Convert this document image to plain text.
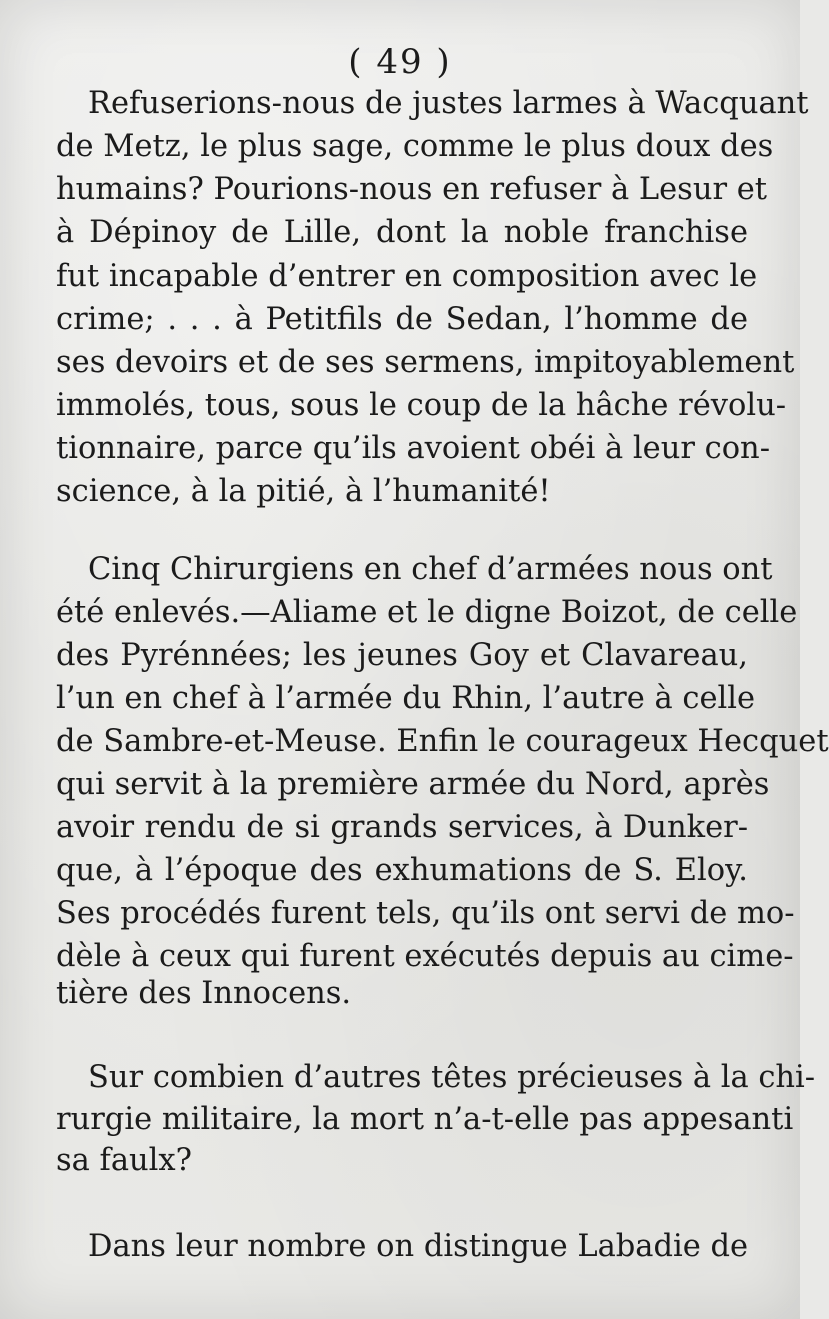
( 49 )
Refuserions-nous de justes larmes à Wacquant
de Metz, le plus sage, comme le plus doux des
humains? Pourions-nous en refuser à Lesur et
à Dépinoy de Lille, dont la noble franchise
fut incapable d’entrer en composition avec le
crime; . . . à Petitfils de Sedan, l’homme de
ses devoirs et de ses sermens, impitoyablement
immolés, tous, sous le coup de la hâche révolu-
tionnaire, parce qu’ils avoient obéi à leur con-
science, à la pitié, à l’humanité!
Cinq Chirurgiens en chef d’armées nous ont
été enlevés.—Aliame et le digne Boizot, de celle
des Pyrénnées; les jeunes Goy et Clavareau,
l’un en chef à l’armée du Rhin, l’autre à celle
de Sambre-et-Meuse. Enfin le courageux Hecquet
qui servit à la première armée du Nord, après
avoir rendu de si grands services, à Dunker-
que, à l’époque des exhumations de S. Eloy.
Ses procédés furent tels, qu’ils ont servi de mo-
dèle à ceux qui furent exécutés depuis au cime-
tière des Innocens.
Sur combien d’autres têtes précieuses à la chi-
rurgie militaire, la mort n’a-t-elle pas appesanti
sa faulx?
Dans leur nombre on distingue Labadie de
